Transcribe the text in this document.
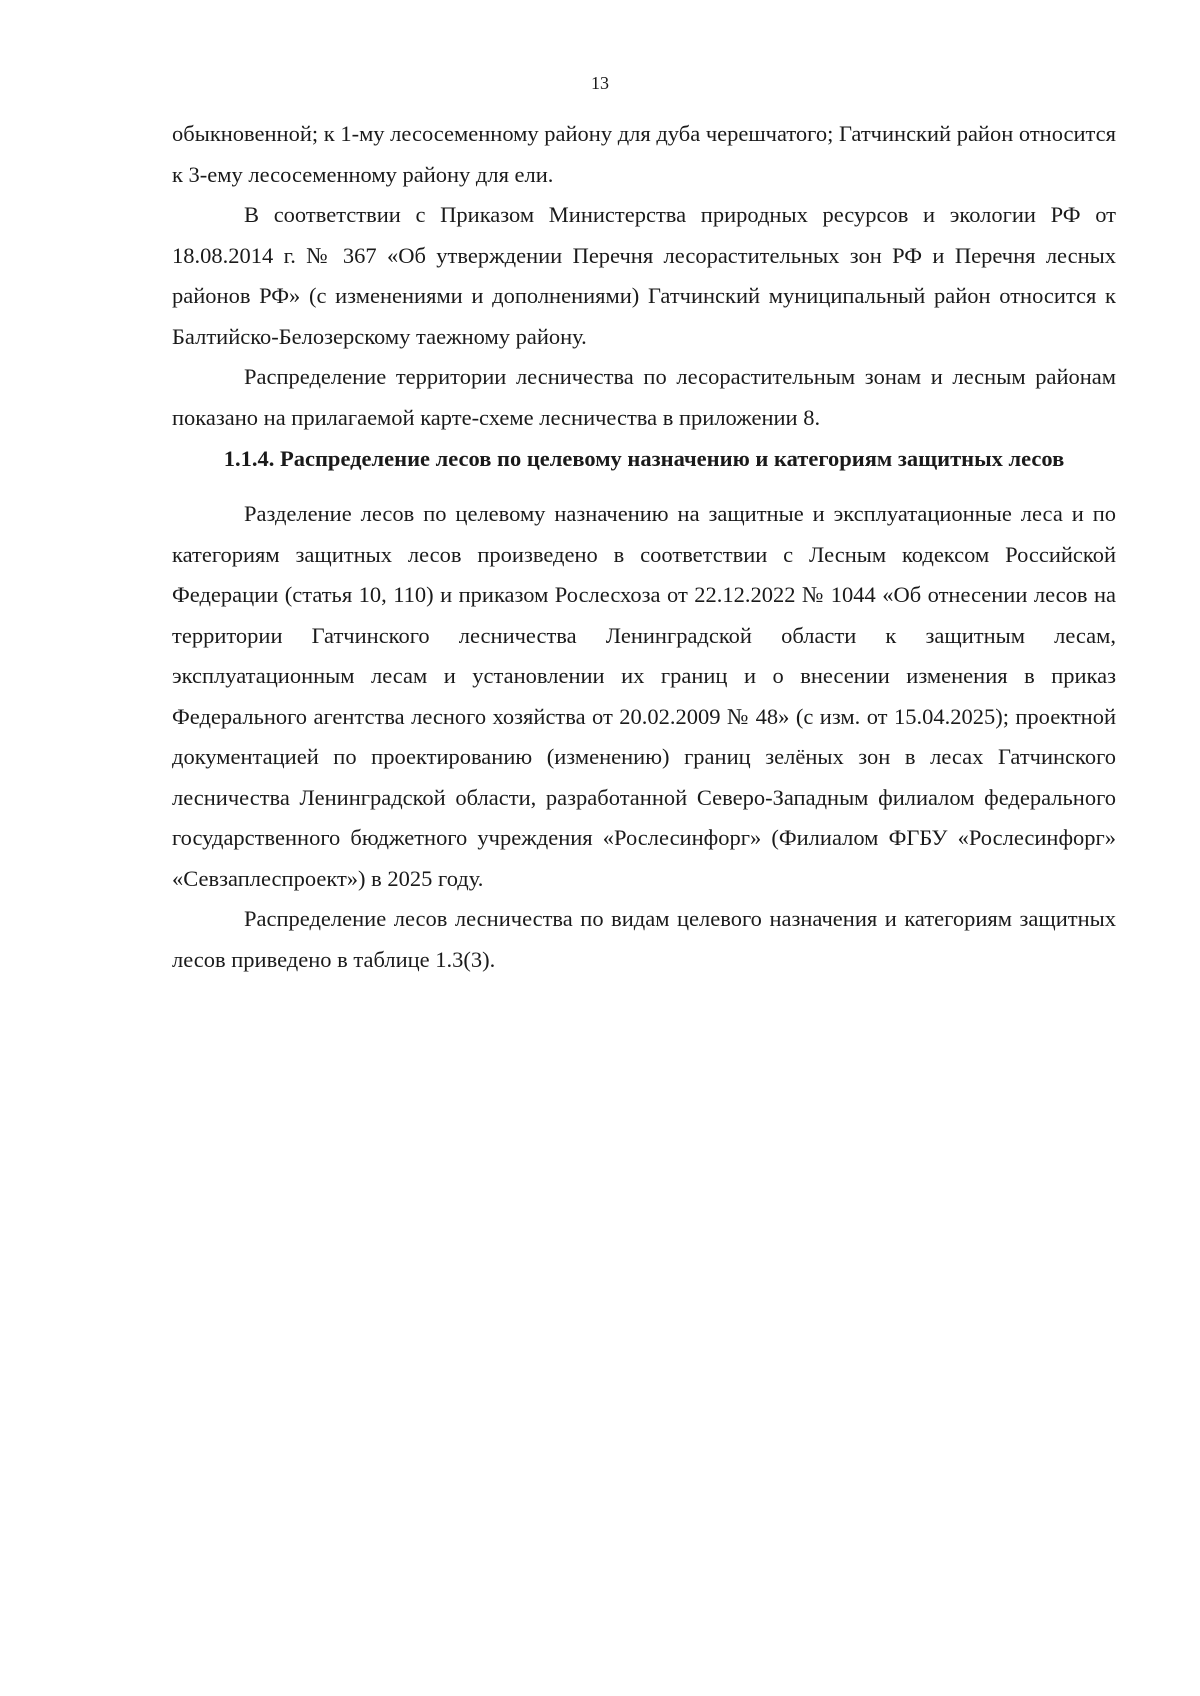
13

обыкновенной; к 1-му лесосеменному району для дуба черешчатого; Гатчинский район относится к 3-ему лесосеменному району для ели.

В соответствии с Приказом Министерства природных ресурсов и экологии РФ от 18.08.2014 г. № 367 «Об утверждении Перечня лесорастительных зон РФ и Перечня лесных районов РФ» (с изменениями и дополнениями) Гатчинский муниципальный район относится к Балтийско-Белозерскому таежному району.

Распределение территории лесничества по лесорастительным зонам и лесным районам показано на прилагаемой карте-схеме лесничества в приложении 8.

1.1.4. Распределение лесов по целевому назначению и категориям защитных лесов

Разделение лесов по целевому назначению на защитные и эксплуатационные леса и по категориям защитных лесов произведено в соответствии с Лесным кодексом Российской Федерации (статья 10, 110) и приказом Рослесхоза от 22.12.2022 № 1044 «Об отнесении лесов на территории Гатчинского лесничества Ленинградской области к защитным лесам, эксплуатационным лесам и установлении их границ и о внесении изменения в приказ Федерального агентства лесного хозяйства от 20.02.2009 № 48» (с изм. от 15.04.2025); проектной документацией по проектированию (изменению) границ зелёных зон в лесах Гатчинского лесничества Ленинградской области, разработанной Северо-Западным филиалом федерального государственного бюджетного учреждения «Рослесинфорг» (Филиалом ФГБУ «Рослесинфорг» «Севзаплеспроект») в 2025 году.

Распределение лесов лесничества по видам целевого назначения и категориям защитных лесов приведено в таблице 1.3(3).
